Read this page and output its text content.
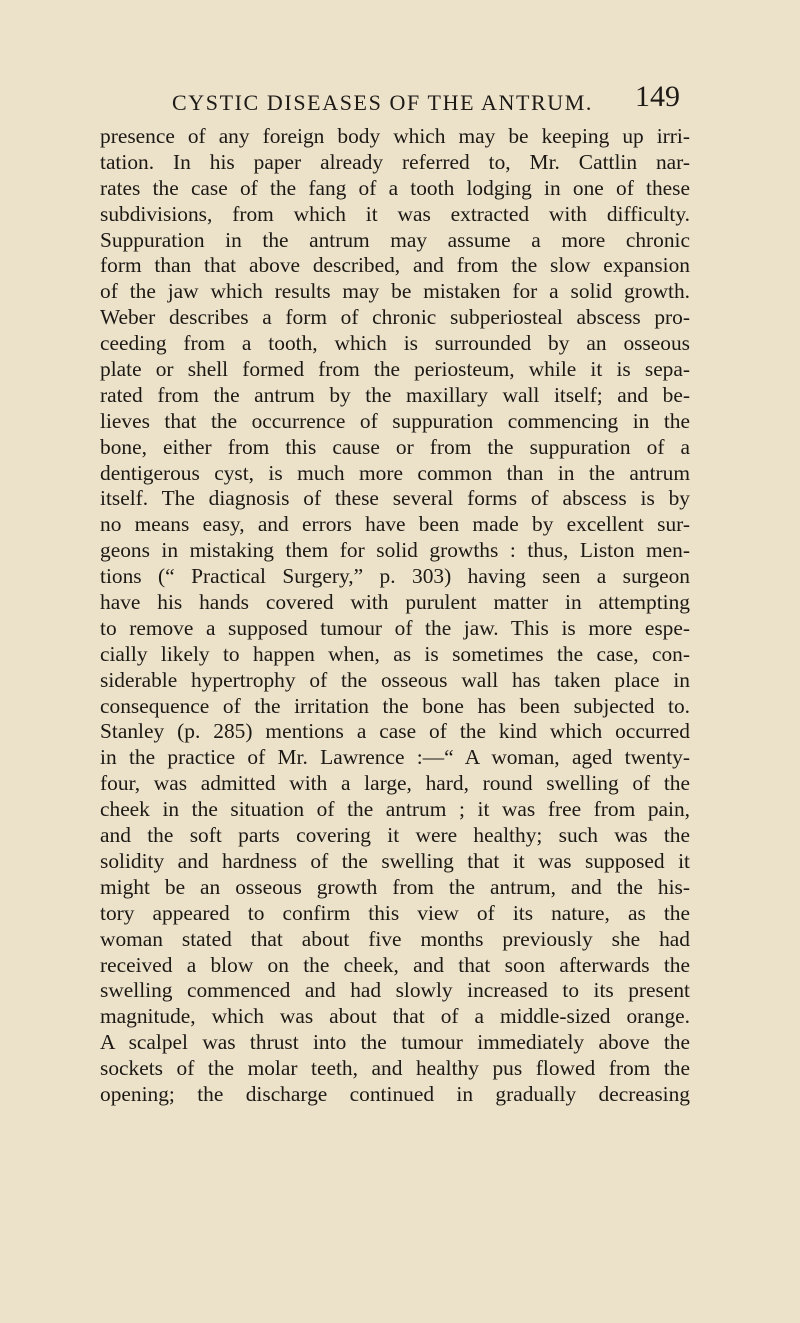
CYSTIC DISEASES OF THE ANTRUM. 149
presence of any foreign body which may be keeping up irri-
tation. In his paper already referred to, Mr. Cattlin nar-
rates the case of the fang of a tooth lodging in one of these
subdivisions, from which it was extracted with difficulty.
Suppuration in the antrum may assume a more chronic
form than that above described, and from the slow expansion
of the jaw which results may be mistaken for a solid growth.
Weber describes a form of chronic subperiosteal abscess pro-
ceeding from a tooth, which is surrounded by an osseous
plate or shell formed from the periosteum, while it is sepa-
rated from the antrum by the maxillary wall itself; and be-
lieves that the occurrence of suppuration commencing in the
bone, either from this cause or from the suppuration of a
dentigerous cyst, is much more common than in the antrum
itself. The diagnosis of these several forms of abscess is by
no means easy, and errors have been made by excellent sur-
geons in mistaking them for solid growths : thus, Liston men-
tions (“ Practical Surgery,” p. 303) having seen a surgeon
have his hands covered with purulent matter in attempting
to remove a supposed tumour of the jaw. This is more espe-
cially likely to happen when, as is sometimes the case, con-
siderable hypertrophy of the osseous wall has taken place in
consequence of the irritation the bone has been subjected to.
Stanley (p. 285) mentions a case of the kind which occurred
in the practice of Mr. Lawrence :—“ A woman, aged twenty-
four, was admitted with a large, hard, round swelling of the
cheek in the situation of the antrum ; it was free from pain,
and the soft parts covering it were healthy; such was the
solidity and hardness of the swelling that it was supposed it
might be an osseous growth from the antrum, and the his-
tory appeared to confirm this view of its nature, as the
woman stated that about five months previously she had
received a blow on the cheek, and that soon afterwards the
swelling commenced and had slowly increased to its present
magnitude, which was about that of a middle-sized orange.
A scalpel was thrust into the tumour immediately above the
sockets of the molar teeth, and healthy pus flowed from the
opening; the discharge continued in gradually decreasing
